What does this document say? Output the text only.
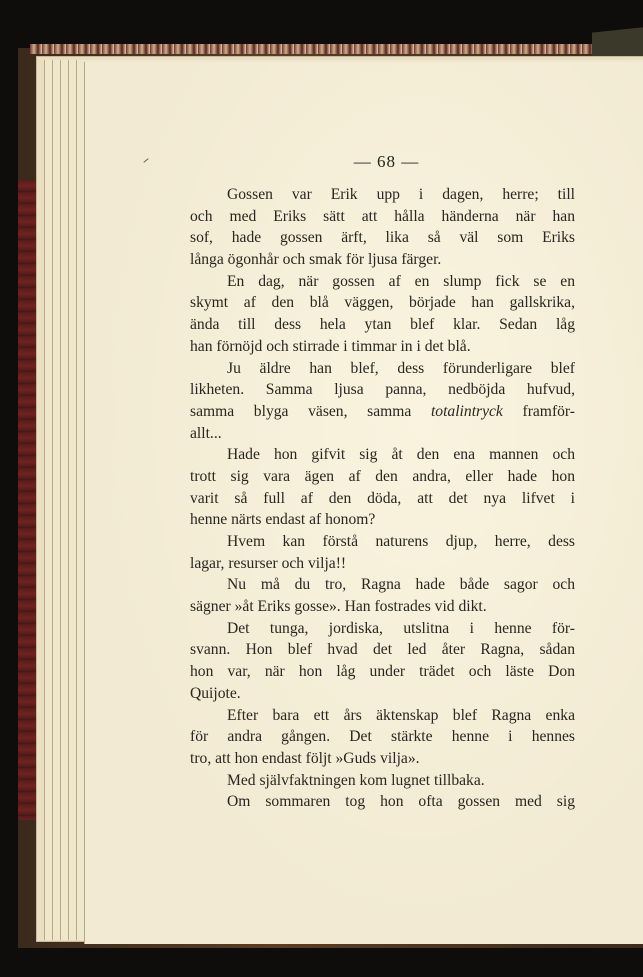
— 68 —
Gossen var Erik upp i dagen, herre; till
och med Eriks sätt att hålla händerna när han
sof, hade gossen ärft, lika så väl som Eriks
långa ögonhår och smak för ljusa färger.
En dag, när gossen af en slump fick se en
skymt af den blå väggen, började han gallskrika,
ända till dess hela ytan blef klar. Sedan låg
han förnöjd och stirrade i timmar in i det blå.
Ju äldre han blef, dess förunderligare blef
likheten. Samma ljusa panna, nedböjda hufvud,
samma blyga väsen, samma totalintryck framför-
allt...
Hade hon gifvit sig åt den ena mannen och
trott sig vara ägen af den andra, eller hade hon
varit så full af den döda, att det nya lifvet i
henne närts endast af honom?
Hvem kan förstå naturens djup, herre, dess
lagar, resurser och vilja!!
Nu må du tro, Ragna hade både sagor och
sägner »åt Eriks gosse». Han fostrades vid dikt.
Det tunga, jordiska, utslitna i henne för-
svann. Hon blef hvad det led åter Ragna, sådan
hon var, när hon låg under trädet och läste Don
Quijote.
Efter bara ett års äktenskap blef Ragna enka
för andra gången. Det stärkte henne i hennes
tro, att hon endast följt »Guds vilja».
Med självfaktningen kom lugnet tillbaka.
Om sommaren tog hon ofta gossen med sig
